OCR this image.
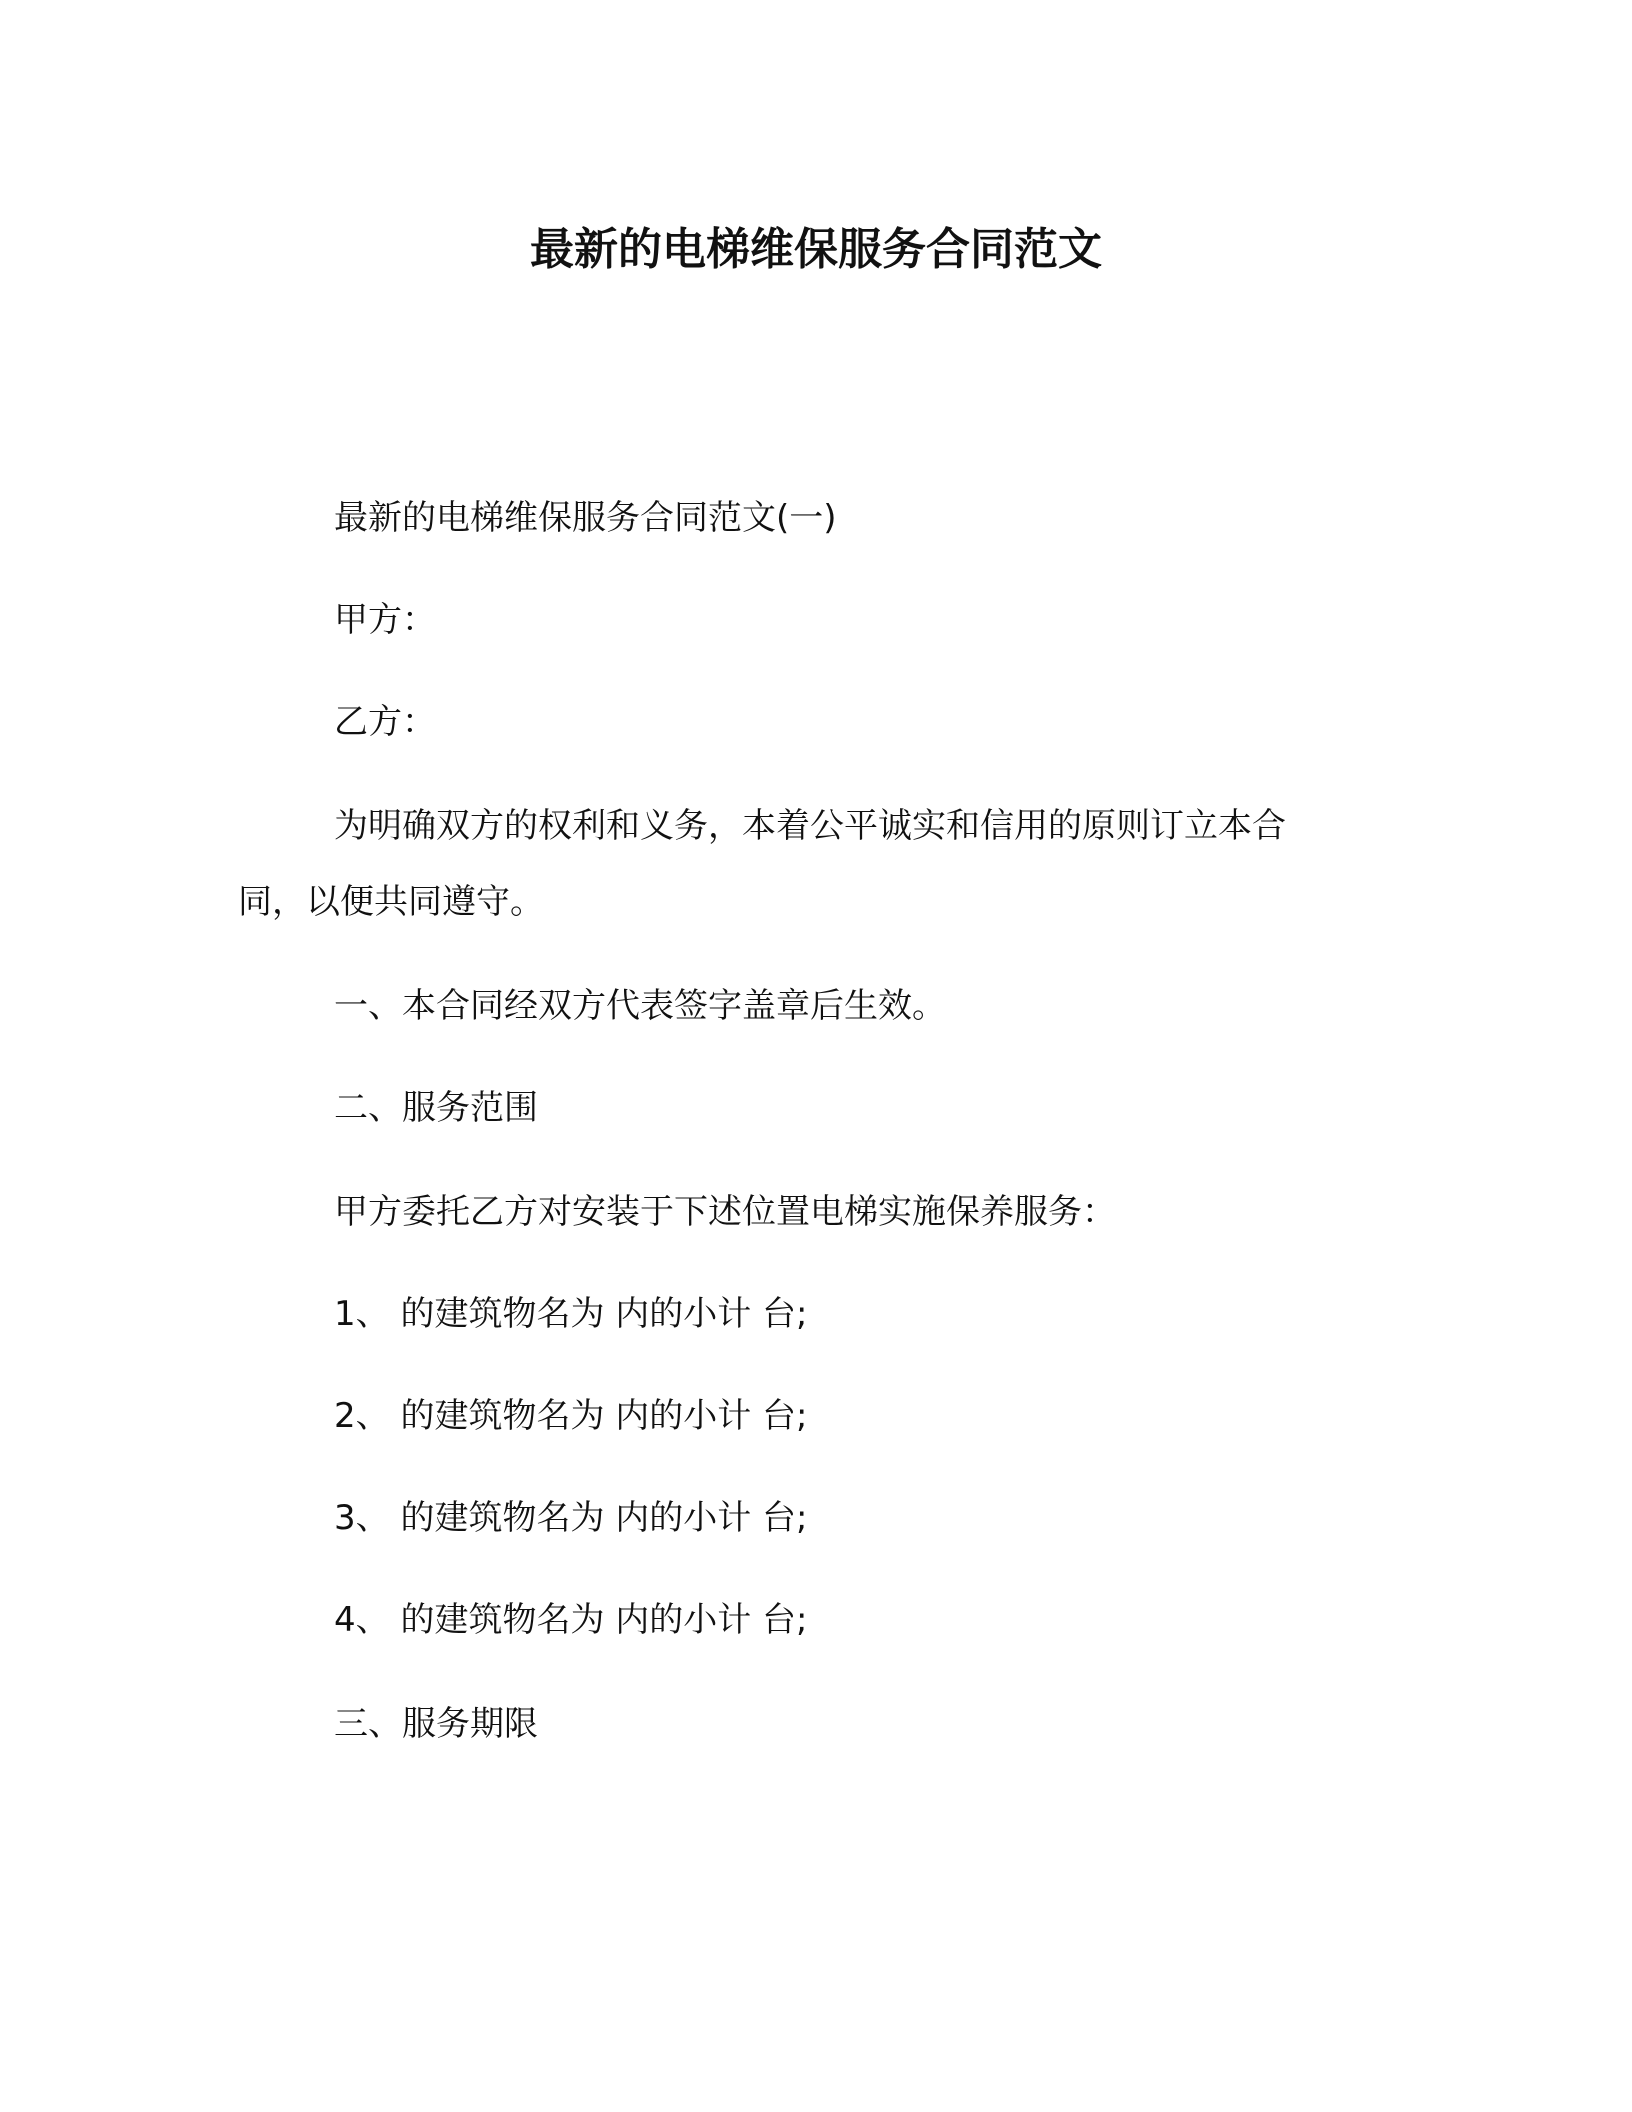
最新的电梯维保服务合同范文
最新的电梯维保服务合同范文(一)
甲方：
乙方：
为明确双方的权利和义务，本着公平诚实和信用的原则订立本合
同，以便共同遵守。
一、本合同经双方代表签字盖章后生效。
二、服务范围
甲方委托乙方对安装于下述位置电梯实施保养服务：
1、 的建筑物名为 内的小计 台;
2、 的建筑物名为 内的小计 台;
3、 的建筑物名为 内的小计 台;
4、 的建筑物名为 内的小计 台;
三、服务期限
